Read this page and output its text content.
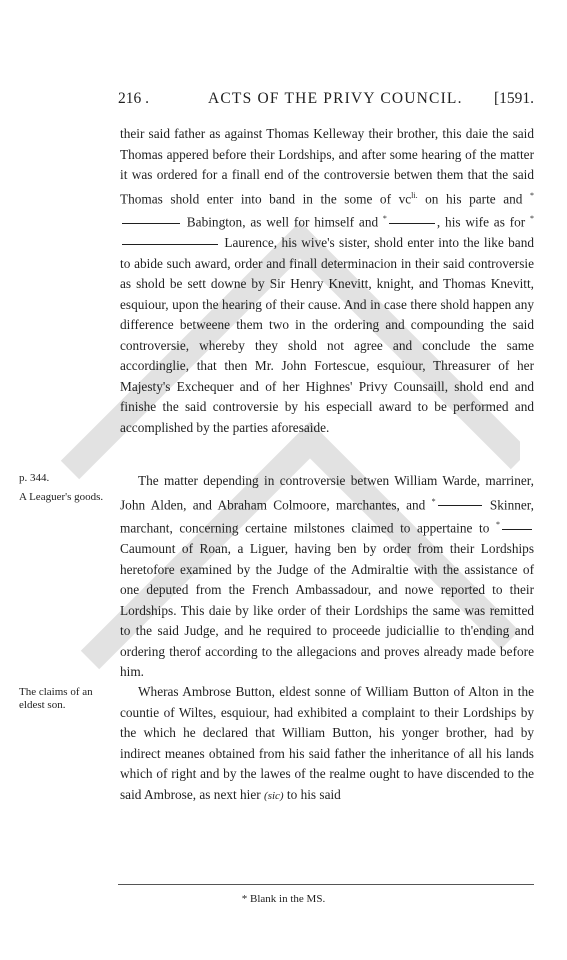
216 .	ACTS OF THE PRIVY COUNCIL. [1591.

their said father as against Thomas Kelleway their brother, this daie the said Thomas appered before their Lordships, and after some hearing of the matter it was ordered for a finall end of the controversie betwen them that the said Thomas shold enter into band in the some of $vc^{li.}$ on his parte and * Babington, as well for himself and *	, his wife as for * Laurence, his wive's sister, shold enter into the like band to abide such award, order and finall determinacion in their said controversie as shold be sett downe by Sir Henry Knevitt, knight, and Thomas Knevitt, esquiour, upon the hearing of their cause. And in case there shold happen any difference betweene them two in the ordering and compounding the said controversie, whereby they shold not agree and conclude the same accordinglie, that then Mr. John Fortescue, esquiour, Threasurer of her Majesty's Exchequer and of her Highnes' Privy Counsaill, shold end and finishe the said controversie by his especiall award to be performed and accomplished by the parties aforesaide.

p. 344.
A Leaguer's goods.

The matter depending in controversie betwen William Warde, marriner, John Alden, and Abraham Colmoore, marchantes, and *	Skinner, marchant, concerning certaine milstones claimed to appertaine to * Caumount of Roan, a Liguer, having ben by order from their Lordships heretofore examined by the Judge of the Admiraltie with the assistance of one deputed from the French Ambassadour, and nowe reported to their Lordships. This daie by like order of their Lordships the same was remitted to the said Judge, and he required to proceede judiciallie to th'ending and ordering therof according to the allegacions and proves already made before him.

The claims of an eldest son.

Wheras Ambrose Button, eldest sonne of William Button of Alton in the countie of Wiltes, esquiour, had exhibited a complaint to their Lordships by the which he declared that William Button, his yonger brother, had by indirect meanes obtained from his said father the inheritance of all his lands which of right and by the lawes of the realme ought to have discended to the said Ambrose, as next hier (sic) to his said

* Blank in the MS.
